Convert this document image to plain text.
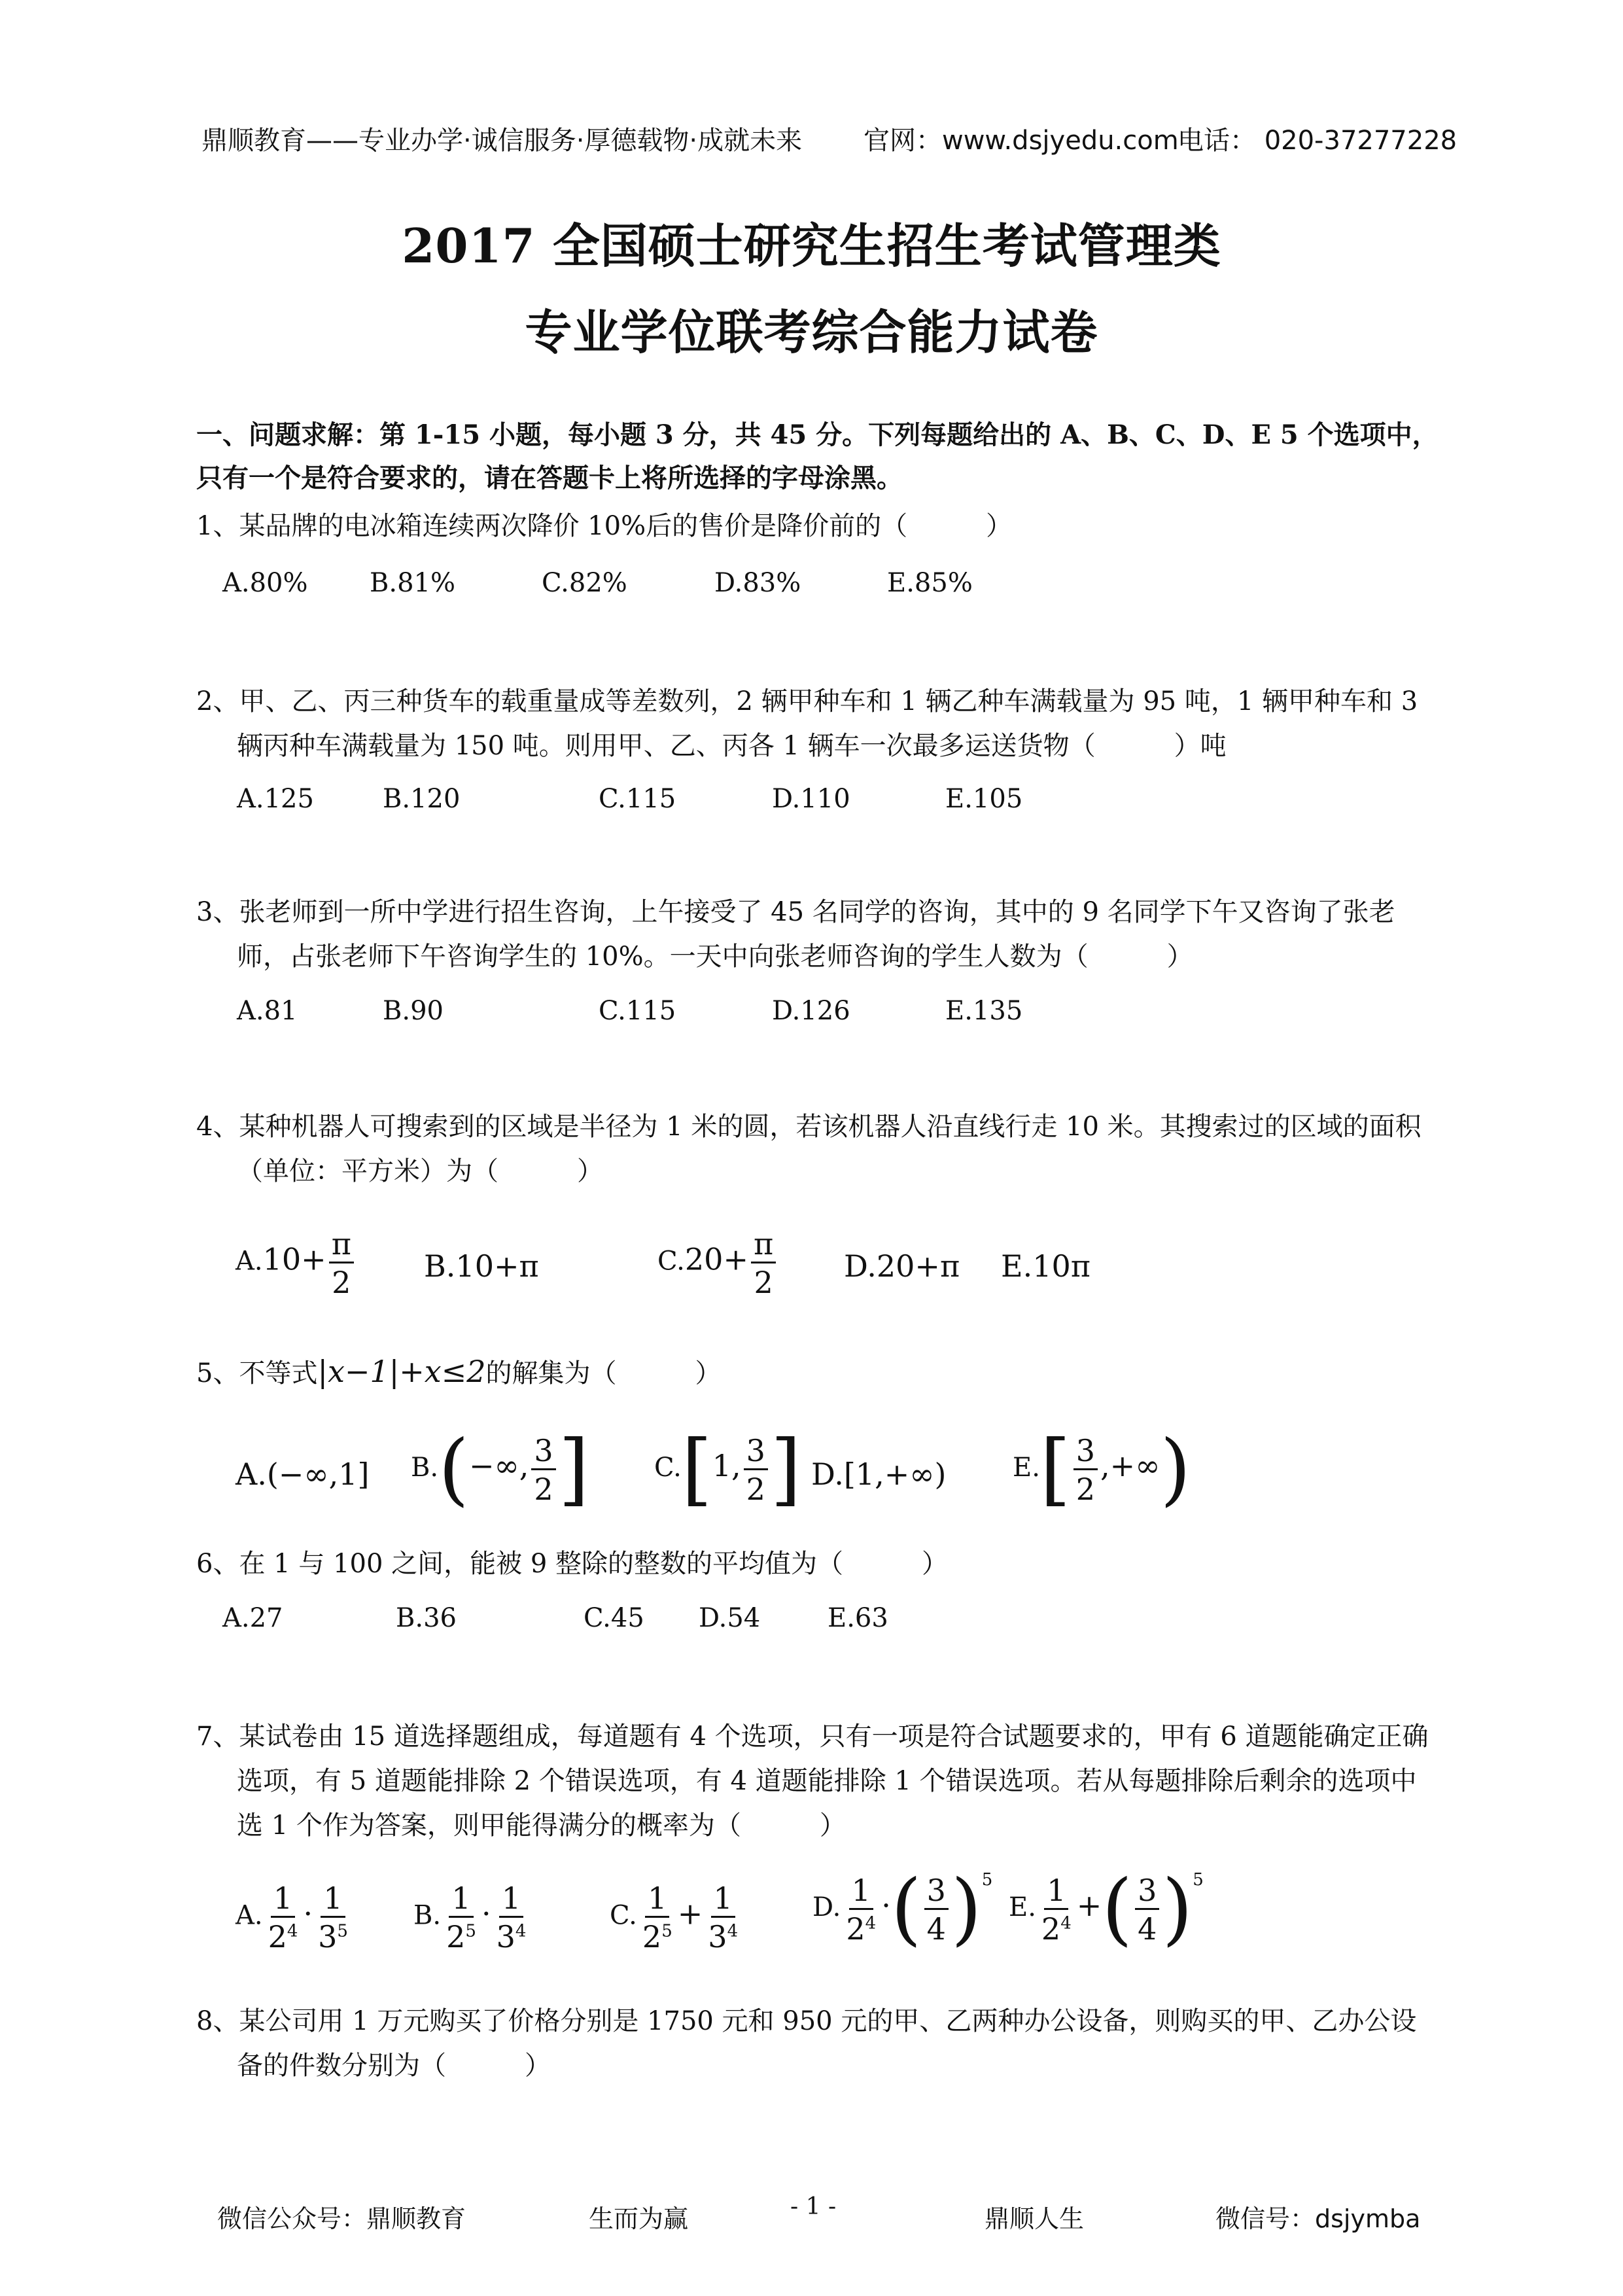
鼎顺教育——专业办学·诚信服务·厚德载物·成就未来 官网：www.dsjyedu.com
电话： 020-37277228
2017 全国硕士研究生招生考试管理类
专业学位联考综合能力试卷
一、问题求解：第 1-15 小题，每小题 3 分，共 45 分。下列每题给出的 A、B、C、D、E 5 个选项中，只有一个是符合要求的，请在答题卡上将所选择的字母涂黑。
1、某品牌的电冰箱连续两次降价 10%后的售价是降价前的（　　　）
A.80% B.81%	C.82%	D.83%	E.85%
2、甲、乙、丙三种货车的载重量成等差数列，2 辆甲种车和 1 辆乙种车满载量为 95 吨，1 辆甲种车和 3 辆丙种车满载量为 150 吨。则用甲、乙、丙各 1 辆车一次最多运送货物（　　　）吨
A.125	B.120	C.115	D.110	E.105
3、张老师到一所中学进行招生咨询，上午接受了 45 名同学的咨询，其中的 9 名同学下午又咨询了张老师，占张老师下午咨询学生的 10%。一天中向张老师咨询的学生人数为（　　　）
A.81	B.90	C.115	D.126	E.135
4、某种机器人可搜索到的区域是半径为 1 米的圆，若该机器人沿直线行走 10 米。其搜索过的区域的面积（单位：平方米）为（　　　）
$A.10+ \frac{\pi}{2} B.10+\pi$	$C.20+ \frac{\pi}{2} D.20+\pi$ E.10π
5、不等式|x−1|+x≤2的解集为（　　　）
A.(−∞,1] B.(−∞, $\frac{3}{2}$ ] C.[1, $\frac{3}{2}$ ] D.[1,+∞)	$E.[ \frac{3}{2}$ ,+∞)
6、在 1 与 100 之间，能被 9 整除的整数的平均值为（　　　）
A.27	B.36	C.45 D.54	E.63
7、某试卷由 15 道选择题组成，每道题有 4 个选项，只有一项是符合试题要求的，甲有 6 道题能确定正确选项，有 5 道题能排除 2 个错误选项，有 4 道题能排除 1 个错误选项。若从每题排除后剩余的选项中选 1 个作为答案，则甲能得满分的概率为（　　　）
A. $\frac{1}{2^4} \cdot \frac{1}{3^5} B$. $\frac{1}{2^5} \cdot \frac{1}{3^4}$	C. $\frac{1}{2^5} + \frac{1}{3^4}$	D. $\frac{1}{2^4}$ ·( $\frac{3}{4} )^5$
E. $\frac{1}{2^4}$ +( $\frac{3}{4} )^5$
8、某公司用 1 万元购买了价格分别是 1750 元和 950 元的甲、乙两种办公设备，则购买的甲、乙办公设备的件数分别为（　　　）
微信公众号：鼎顺教育	生而为赢	- 1 -	鼎顺人生	微信号：dsjymba
